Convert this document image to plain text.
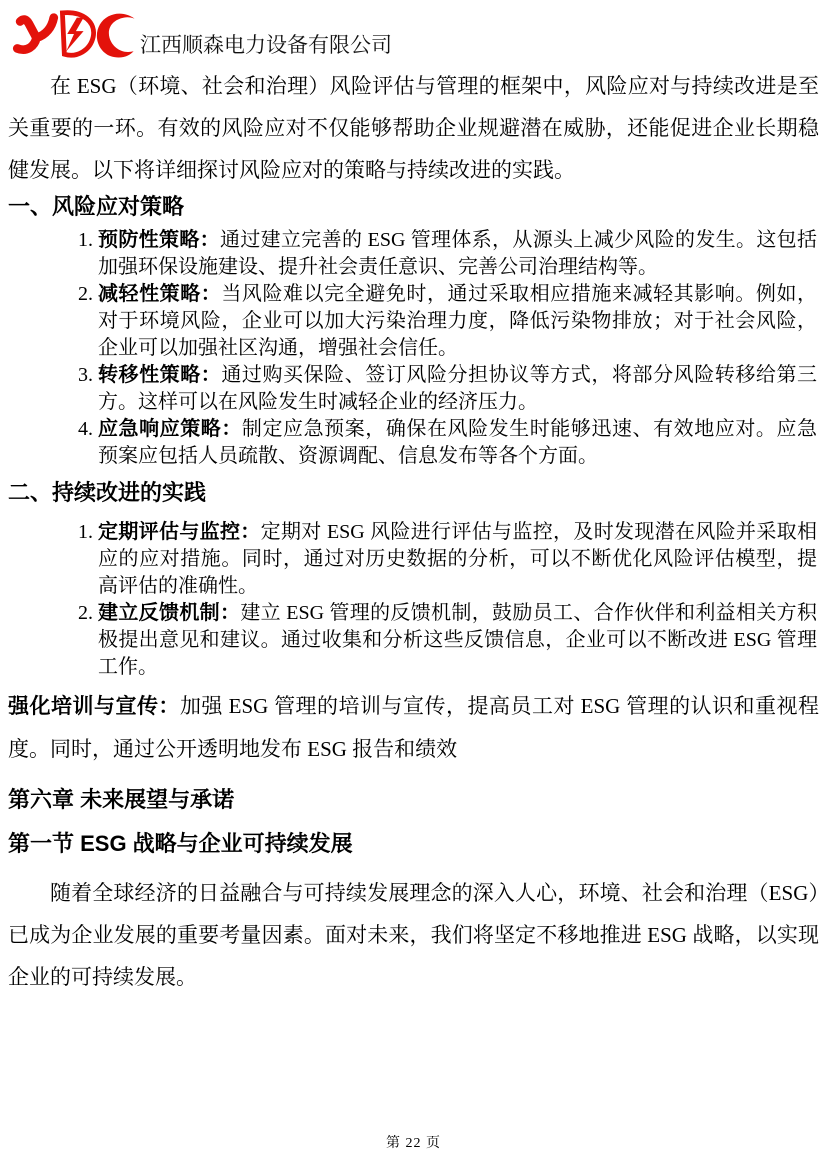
江西顺森电力设备有限公司

在 ESG（环境、社会和治理）风险评估与管理的框架中，风险应对与持续改进是至关重要的一环。有效的风险应对不仅能够帮助企业规避潜在威胁，还能促进企业长期稳健发展。以下将详细探讨风险应对的策略与持续改进的实践。

一、风险应对策略
1. 预防性策略：通过建立完善的 ESG 管理体系，从源头上减少风险的发生。这包括加强环保设施建设、提升社会责任意识、完善公司治理结构等。
2. 减轻性策略：当风险难以完全避免时，通过采取相应措施来减轻其影响。例如，对于环境风险，企业可以加大污染治理力度，降低污染物排放；对于社会风险，企业可以加强社区沟通，增强社会信任。
3. 转移性策略：通过购买保险、签订风险分担协议等方式，将部分风险转移给第三方。这样可以在风险发生时减轻企业的经济压力。
4. 应急响应策略：制定应急预案，确保在风险发生时能够迅速、有效地应对。应急预案应包括人员疏散、资源调配、信息发布等各个方面。
二、持续改进的实践
1. 定期评估与监控：定期对 ESG 风险进行评估与监控，及时发现潜在风险并采取相应的应对措施。同时，通过对历史数据的分析，可以不断优化风险评估模型，提高评估的准确性。
2. 建立反馈机制：建立 ESG 管理的反馈机制，鼓励员工、合作伙伴和利益相关方积极提出意见和建议。通过收集和分析这些反馈信息，企业可以不断改进 ESG 管理工作。

强化培训与宣传：加强 ESG 管理的培训与宣传，提高员工对 ESG 管理的认识和重视程度。同时，通过公开透明地发布 ESG 报告和绩效

第六章 未来展望与承诺
第一节 ESG 战略与企业可持续发展

随着全球经济的日益融合与可持续发展理念的深入人心，环境、社会和治理（ESG）已成为企业发展的重要考量因素。面对未来，我们将坚定不移地推进 ESG 战略，以实现企业的可持续发展。

第 22 页
